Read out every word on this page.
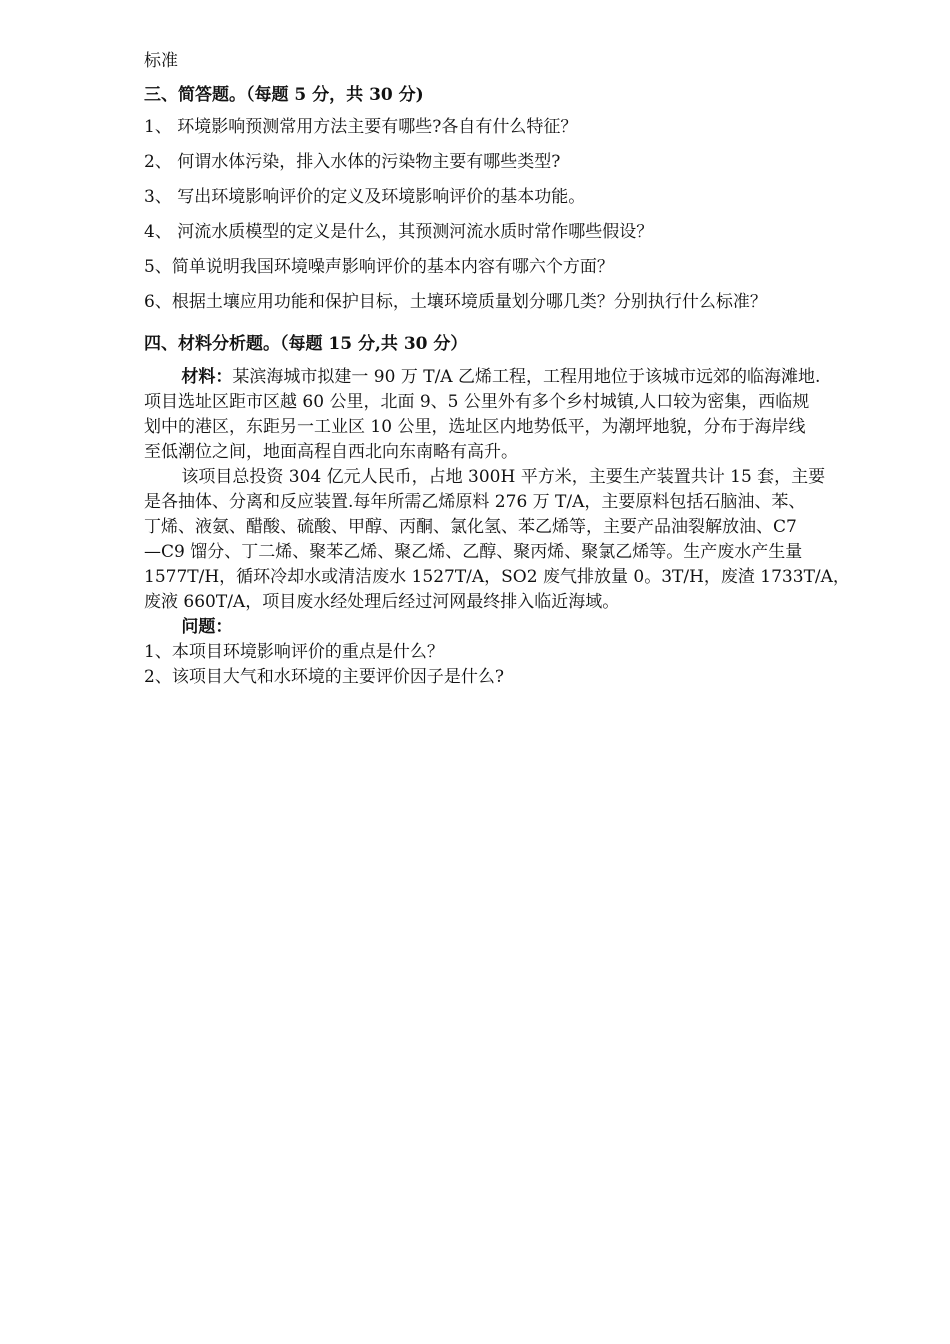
标准
三、简答题。（每题 5 分，共 30 分)
1、 环境影响预测常用方法主要有哪些?各自有什么特征？
2、 何谓水体污染，排入水体的污染物主要有哪些类型?
3、 写出环境影响评价的定义及环境影响评价的基本功能。
4、 河流水质模型的定义是什么，其预测河流水质时常作哪些假设？
5、简单说明我国环境噪声影响评价的基本内容有哪六个方面？
6、根据土壤应用功能和保护目标，土壤环境质量划分哪几类？分别执行什么标准？
四、材料分析题。（每题 15 分,共 30 分）
材料：某滨海城市拟建一 90 万 T/A 乙烯工程，工程用地位于该城市远郊的临海滩地.
项目选址区距市区越 60 公里，北面 9、5 公里外有多个乡村城镇,人口较为密集，西临规
划中的港区，东距另一工业区 10 公里，选址区内地势低平，为潮坪地貌，分布于海岸线
至低潮位之间，地面高程自西北向东南略有高升。
该项目总投资 304 亿元人民币，占地 300H 平方米，主要生产装置共计 15 套，主要
是各抽体、分离和反应装置.每年所需乙烯原料 276 万 T/A，主要原料包括石脑油、苯、
丁烯、液氨、醋酸、硫酸、甲醇、丙酮、氯化氢、苯乙烯等，主要产品油裂解放油、C7
—C9 馏分、丁二烯、聚苯乙烯、聚乙烯、乙醇、聚丙烯、聚氯乙烯等。生产废水产生量
1577T/H，循环冷却水或清洁废水 1527T/A，SO2 废气排放量 0。3T/H，废渣 1733T/A，
废液 660T/A，项目废水经处理后经过河网最终排入临近海域。
问题：
1、本项目环境影响评价的重点是什么？
2、该项目大气和水环境的主要评价因子是什么?
